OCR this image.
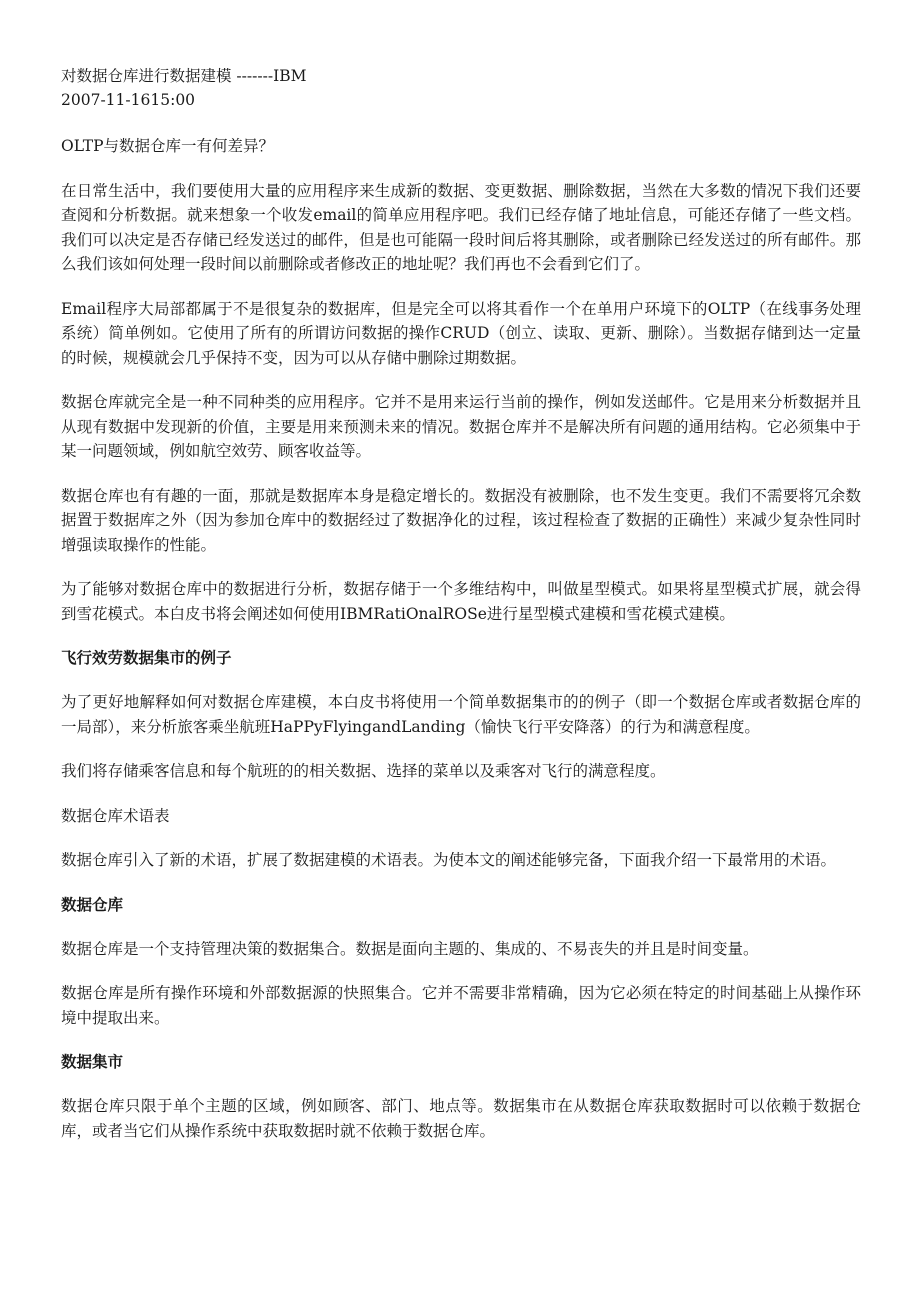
对数据仓库进行数据建模 -------IBM
2007-11-1615:00

OLTP与数据仓库一有何差异？

在日常生活中，我们要使用大量的应用程序来生成新的数据、变更数据、删除数据，当然在大多数的情况下我们还要查阅和分析数据。就来想象一个收发email的简单应用程序吧。我们已经存储了地址信息，可能还存储了一些文档。我们可以决定是否存储已经发送过的邮件，但是也可能隔一段时间后将其删除，或者删除已经发送过的所有邮件。那么我们该如何处理一段时间以前删除或者修改正的地址呢？我们再也不会看到它们了。

Email程序大局部都属于不是很复杂的数据库，但是完全可以将其看作一个在单用户环境下的OLTP（在线事务处理系统）简单例如。它使用了所有的所谓访问数据的操作CRUD（创立、读取、更新、删除）。当数据存储到达一定量的时候，规模就会几乎保持不变，因为可以从存储中删除过期数据。

数据仓库就完全是一种不同种类的应用程序。它并不是用来运行当前的操作，例如发送邮件。它是用来分析数据并且从现有数据中发现新的价值，主要是用来预测未来的情况。数据仓库并不是解决所有问题的通用结构。它必须集中于某一问题领域，例如航空效劳、顾客收益等。

数据仓库也有有趣的一面，那就是数据库本身是稳定增长的。数据没有被删除，也不发生变更。我们不需要将冗余数据置于数据库之外（因为参加仓库中的数据经过了数据净化的过程，该过程检查了数据的正确性）来减少复杂性同时增强读取操作的性能。

为了能够对数据仓库中的数据进行分析，数据存储于一个多维结构中，叫做星型模式。如果将星型模式扩展，就会得到雪花模式。本白皮书将会阐述如何使用IBMRatiOnalROSe进行星型模式建模和雪花模式建模。

飞行效劳数据集市的例子

为了更好地解释如何对数据仓库建模，本白皮书将使用一个简单数据集市的的例子（即一个数据仓库或者数据仓库的一局部），来分析旅客乘坐航班HaPPyFlyingandLanding（愉快飞行平安降落）的行为和满意程度。

我们将存储乘客信息和每个航班的的相关数据、选择的菜单以及乘客对飞行的满意程度。

数据仓库术语表

数据仓库引入了新的术语，扩展了数据建模的术语表。为使本文的阐述能够完备，下面我介绍一下最常用的术语。

数据仓库

数据仓库是一个支持管理决策的数据集合。数据是面向主题的、集成的、不易丧失的并且是时间变量。

数据仓库是所有操作环境和外部数据源的快照集合。它并不需要非常精确，因为它必须在特定的时间基础上从操作环境中提取出来。

数据集市

数据仓库只限于单个主题的区域，例如顾客、部门、地点等。数据集市在从数据仓库获取数据时可以依赖于数据仓库，或者当它们从操作系统中获取数据时就不依赖于数据仓库。
